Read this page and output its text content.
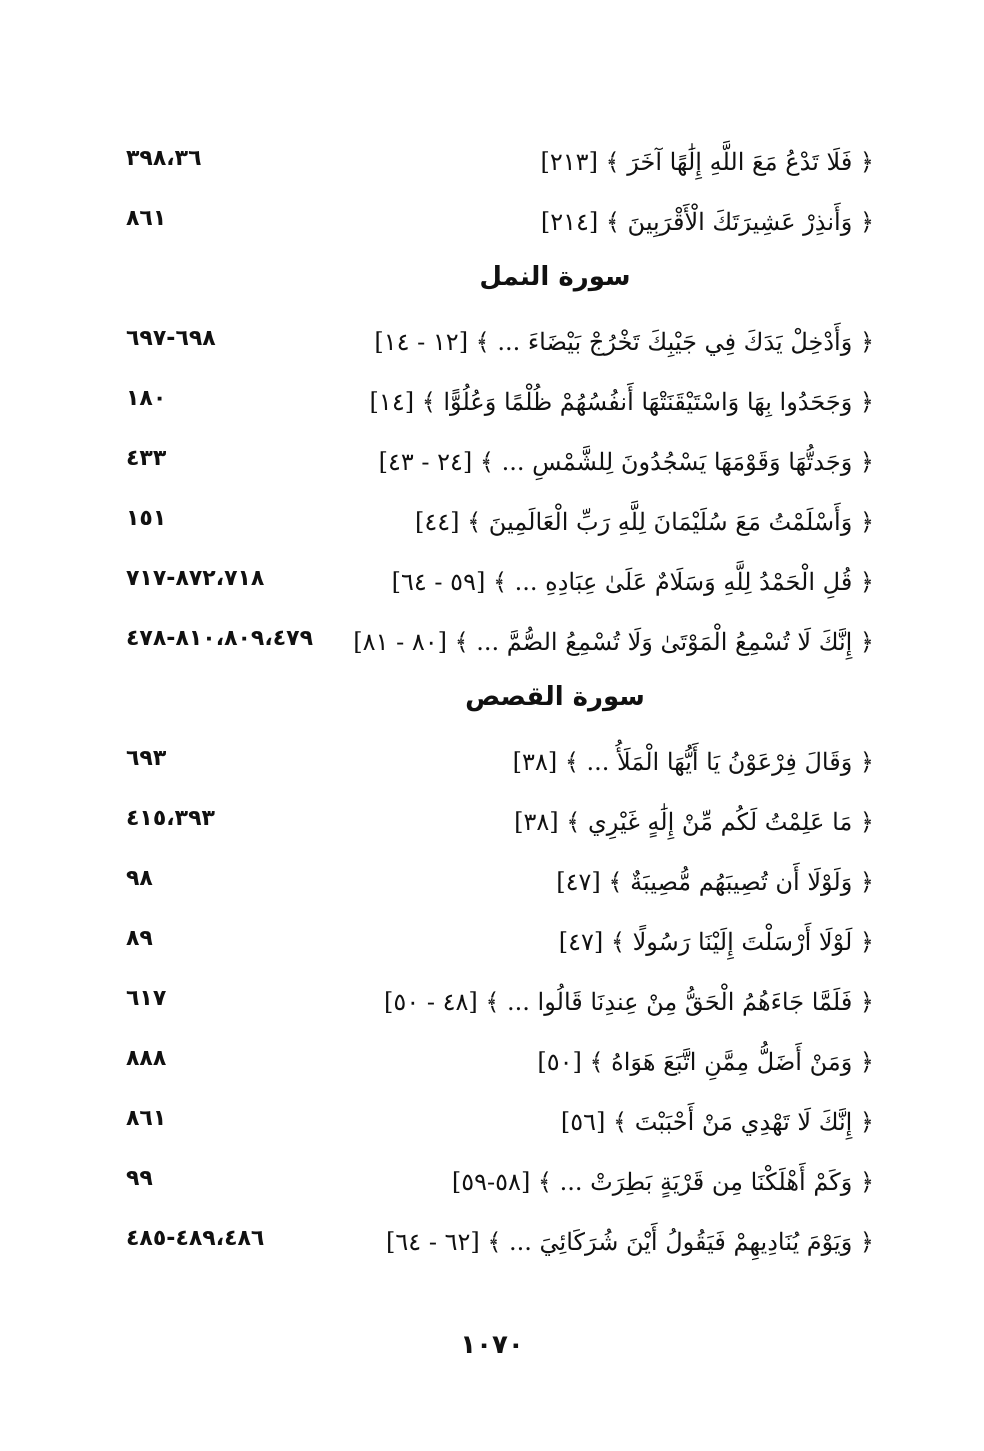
﴿ فَلَا تَدْعُ مَعَ اللَّهِ إِلَٰهًا آخَرَ ﴾ [٢١٣]
٣٩٨،٣٦
﴿ وَأَنذِرْ عَشِيرَتَكَ الْأَقْرَبِينَ ﴾ [٢١٤]
٨٦١
سورة النمل
﴿ وَأَدْخِلْ يَدَكَ فِي جَيْبِكَ تَخْرُجْ بَيْضَاءَ ... ﴾ [١٢ - ١٤]
٦٩٨-٦٩٧
﴿ وَجَحَدُوا بِهَا وَاسْتَيْقَنَتْهَا أَنفُسُهُمْ ظُلْمًا وَعُلُوًّا ﴾ [١٤]
١٨٠
﴿ وَجَدتُّهَا وَقَوْمَهَا يَسْجُدُونَ لِلشَّمْسِ ... ﴾ [٢٤ - ٤٣]
٤٣٣
﴿ وَأَسْلَمْتُ مَعَ سُلَيْمَانَ لِلَّهِ رَبِّ الْعَالَمِينَ ﴾ [٤٤]
١٥١
﴿ قُلِ الْحَمْدُ لِلَّهِ وَسَلَامٌ عَلَىٰ عِبَادِهِ ... ﴾ [٥٩ - ٦٤]
٨٧٢،٧١٨-٧١٧
﴿ إِنَّكَ لَا تُسْمِعُ الْمَوْتَىٰ وَلَا تُسْمِعُ الصُّمَّ ... ﴾ [٨٠ - ٨١]
٨١٠،٨٠٩،٤٧٩-٤٧٨
سورة القصص
﴿ وَقَالَ فِرْعَوْنُ يَا أَيُّهَا الْمَلَأُ ... ﴾ [٣٨]
٦٩٣
﴿ مَا عَلِمْتُ لَكُم مِّنْ إِلَٰهٍ غَيْرِي ﴾ [٣٨]
٤١٥،٣٩٣
﴿ وَلَوْلَا أَن تُصِيبَهُم مُّصِيبَةٌ ﴾ [٤٧]
٩٨
﴿ لَوْلَا أَرْسَلْتَ إِلَيْنَا رَسُولًا ﴾ [٤٧]
٨٩
﴿ فَلَمَّا جَاءَهُمُ الْحَقُّ مِنْ عِندِنَا قَالُوا ... ﴾ [٤٨ - ٥٠]
٦١٧
﴿ وَمَنْ أَضَلُّ مِمَّنِ اتَّبَعَ هَوَاهُ ﴾ [٥٠]
٨٨٨
﴿ إِنَّكَ لَا تَهْدِي مَنْ أَحْبَبْتَ ﴾ [٥٦]
٨٦١
﴿ وَكَمْ أَهْلَكْنَا مِن قَرْيَةٍ بَطِرَتْ ... ﴾ [٥٨-٥٩]
٩٩
﴿ وَيَوْمَ يُنَادِيهِمْ فَيَقُولُ أَيْنَ شُرَكَائِيَ ... ﴾ [٦٢ - ٦٤]
٤٨٩،٤٨٦-٤٨٥
١٠٧٠
